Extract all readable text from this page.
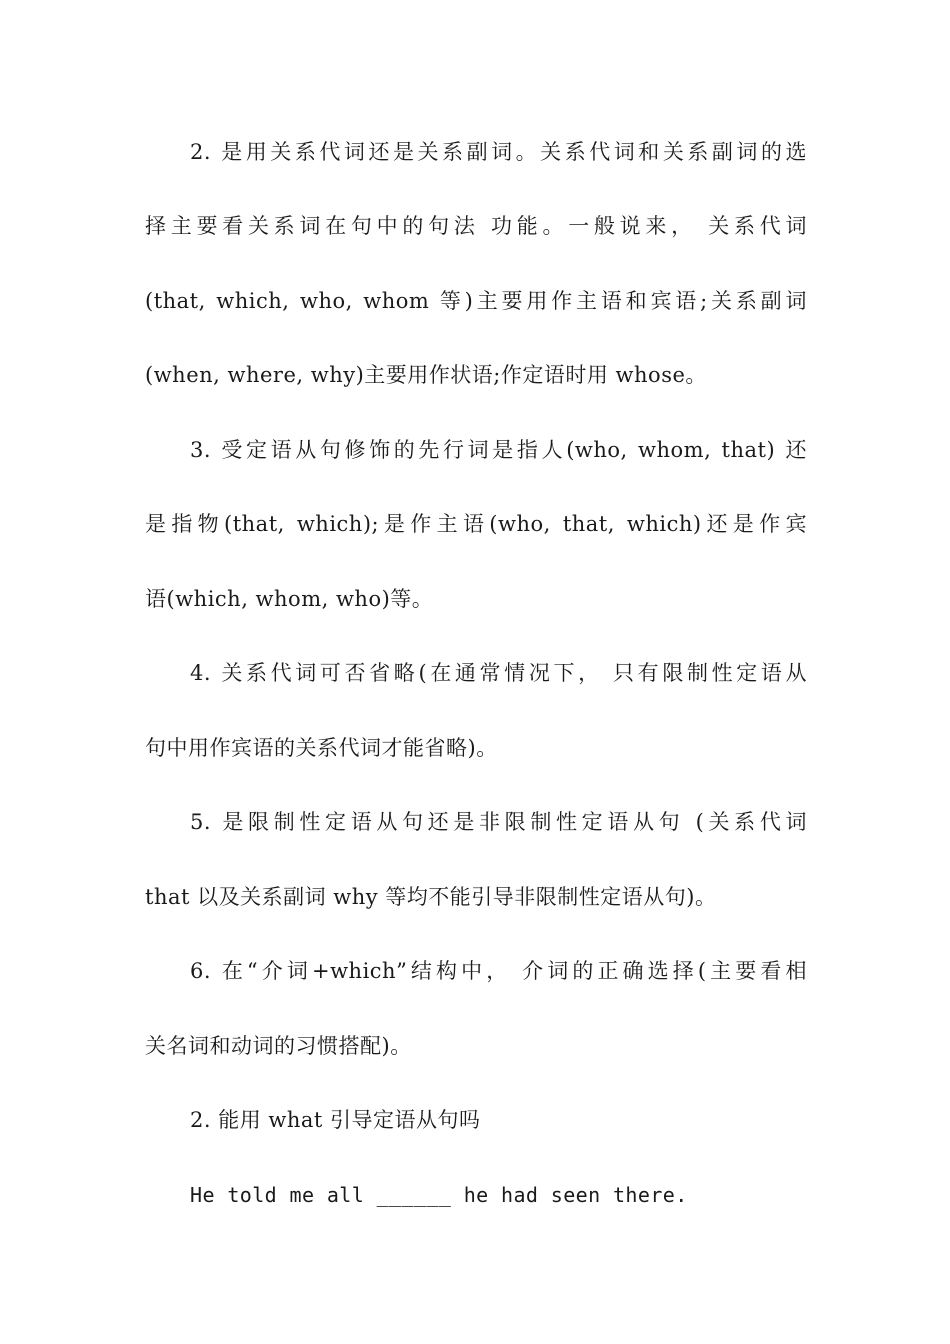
2. 是用关系代词还是关系副词。关系代词和关系副词的选
择主要看关系词在句中的句法 功能。一般说来， 关系代词
(that, which, who, whom 等)主要用作主语和宾语;关系副词
(when, where, why)主要用作状语;作定语时用 whose。
3. 受定语从句修饰的先行词是指人(who, whom, that) 还
是指物(that, which);是作主语(who, that, which)还是作宾
语(which, whom, who)等。
4. 关系代词可否省略(在通常情况下， 只有限制性定语从
句中用作宾语的关系代词才能省略)。
5. 是限制性定语从句还是非限制性定语从句 (关系代词
that 以及关系副词 why 等均不能引导非限制性定语从句)。
6. 在“介词+which”结构中， 介词的正确选择(主要看相
关名词和动词的习惯搭配)。
2. 能用 what 引导定语从句吗
He told me all ______ he had seen there.
